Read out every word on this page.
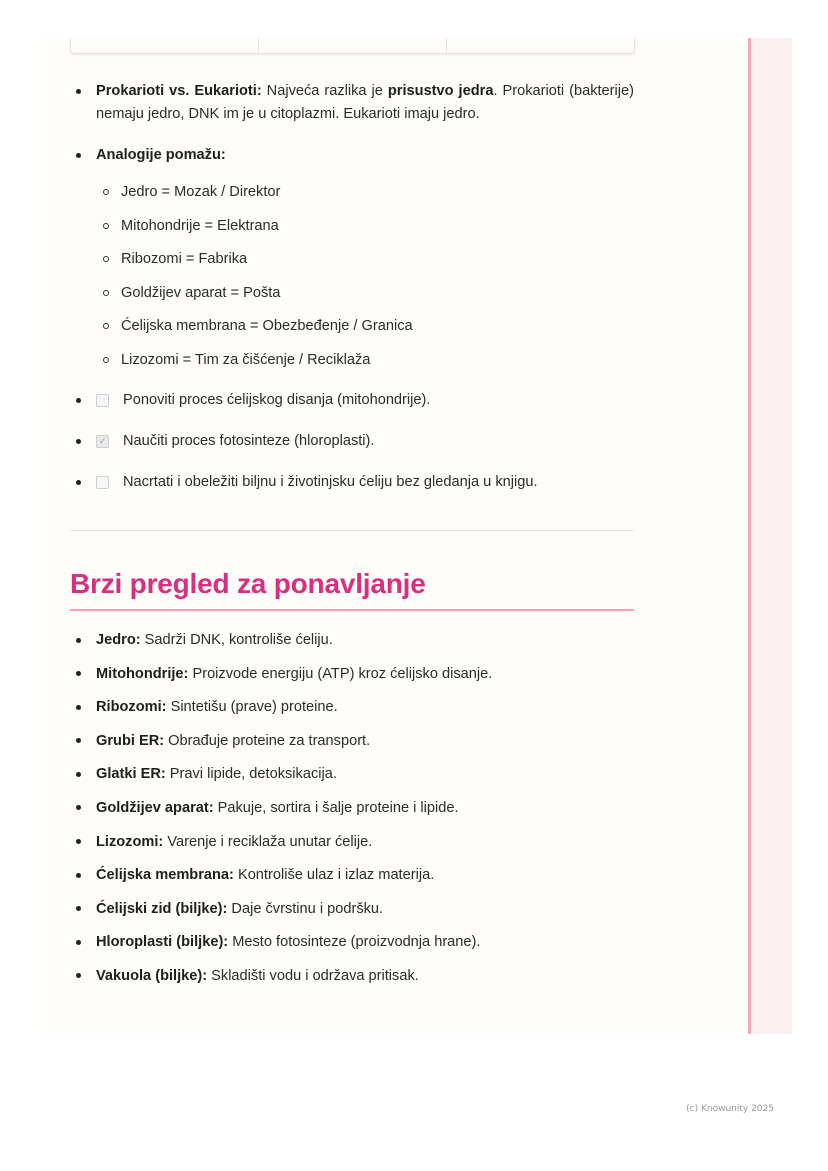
Prokarioti vs. Eukarioti: Najveća razlika je prisustvo jedra. Prokarioti (bakterije) nemaju jedro, DNK im je u citoplazmi. Eukarioti imaju jedro.
Analogije pomažu:
Jedro = Mozak / Direktor
Mitohondrije = Elektrana
Ribozomi = Fabrika
Goldžijev aparat = Pošta
Ćelijska membrana = Obezbeđenje / Granica
Lizozomi = Tim za čišćenje / Reciklaža
Ponoviti proces ćelijskog disanja (mitohondrije).
✓ Naučiti proces fotosinteze (hloroplasti).
Nacrtati i obeležiti biljnu i životinjsku ćeliju bez gledanja u knjigu.
Brzi pregled za ponavljanje
Jedro: Sadrži DNK, kontroliše ćeliju.
Mitohondrije: Proizvode energiju (ATP) kroz ćelijsko disanje.
Ribozomi: Sintetišu (prave) proteine.
Grubi ER: Obrađuje proteine za transport.
Glatki ER: Pravi lipide, detoksikacija.
Goldžijev aparat: Pakuje, sortira i šalje proteine i lipide.
Lizozomi: Varenje i reciklaža unutar ćelije.
Ćelijska membrana: Kontroliše ulaz i izlaz materija.
Ćelijski zid (biljke): Daje čvrstinu i podršku.
Hloroplasti (biljke): Mesto fotosinteze (proizvodnja hrane).
Vakuola (biljke): Skladišti vodu i održava pritisak.
(c) Knowunity 2025
